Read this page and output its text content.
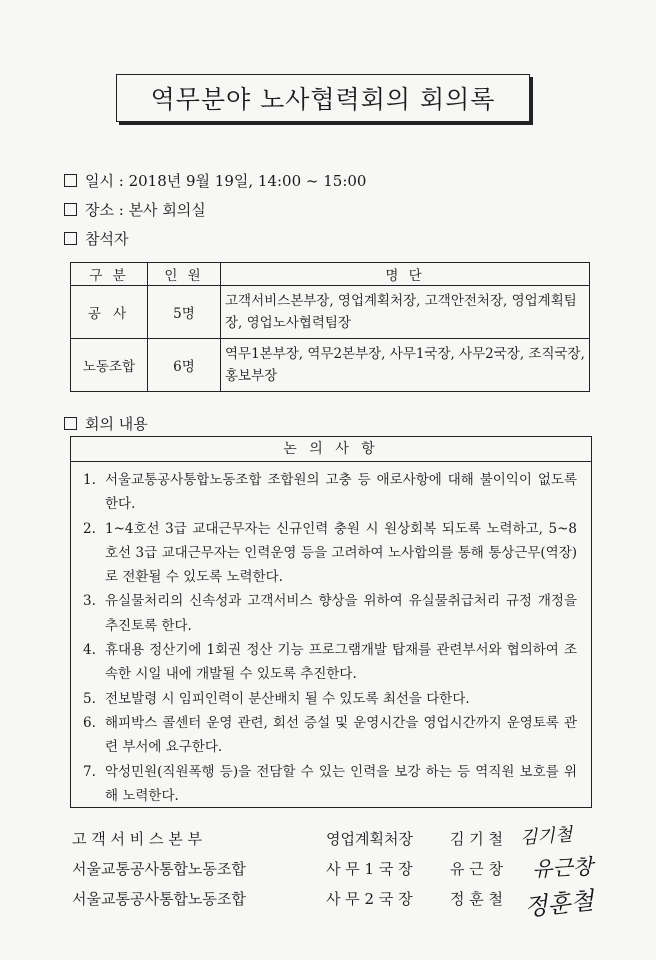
역무분야 노사협력회의 회의록
일시 : 2018년 9월 19일, 14:00 ~ 15:00
장소 : 본사 회의실
참석자
구 분	인 원	명 단
공 사	5명	고객서비스본부장, 영업계획처장, 고객안전처장, 영업계획팀장, 영업노사협력팀장
노동조합	6명	역무1본부장, 역무2본부장, 사무1국장, 사무2국장, 조직국장, 홍보부장
회의 내용
논 의 사 항
1. 서울교통공사통합노동조합 조합원의 고충 등 애로사항에 대해 불이익이 없도록 한다.
2. 1~4호선 3급 교대근무자는 신규인력 충원 시 원상회복 되도록 노력하고, 5~8호선 3급 교대근무자는 인력운영 등을 고려하여 노사합의를 통해 통상근무(역장)로 전환될 수 있도록 노력한다.
3. 유실물처리의 신속성과 고객서비스 향상을 위하여 유실물취급처리 규정 개정을 추진토록 한다.
4. 휴대용 정산기에 1회권 정산 기능 프로그램개발 탑재를 관련부서와 협의하여 조속한 시일 내에 개발될 수 있도록 추진한다.
5. 전보발령 시 임피인력이 분산배치 될 수 있도록 최선을 다한다.
6. 해피박스 콜센터 운영 관련, 회선 증설 및 운영시간을 영업시간까지 운영토록 관련 부서에 요구한다.
7. 악성민원(직원폭행 등)을 전담할 수 있는 인력을 보강 하는 등 역직원 보호를 위해 노력한다.
고 객 서 비 스 본 부	영업계획처장 김 기 철
서울교통공사통합노동조합	사 무 1 국 장 유 근 창
서울교통공사통합노동조합	사 무 2 국 장 정 훈 철
김기철
유근창
정훈철
